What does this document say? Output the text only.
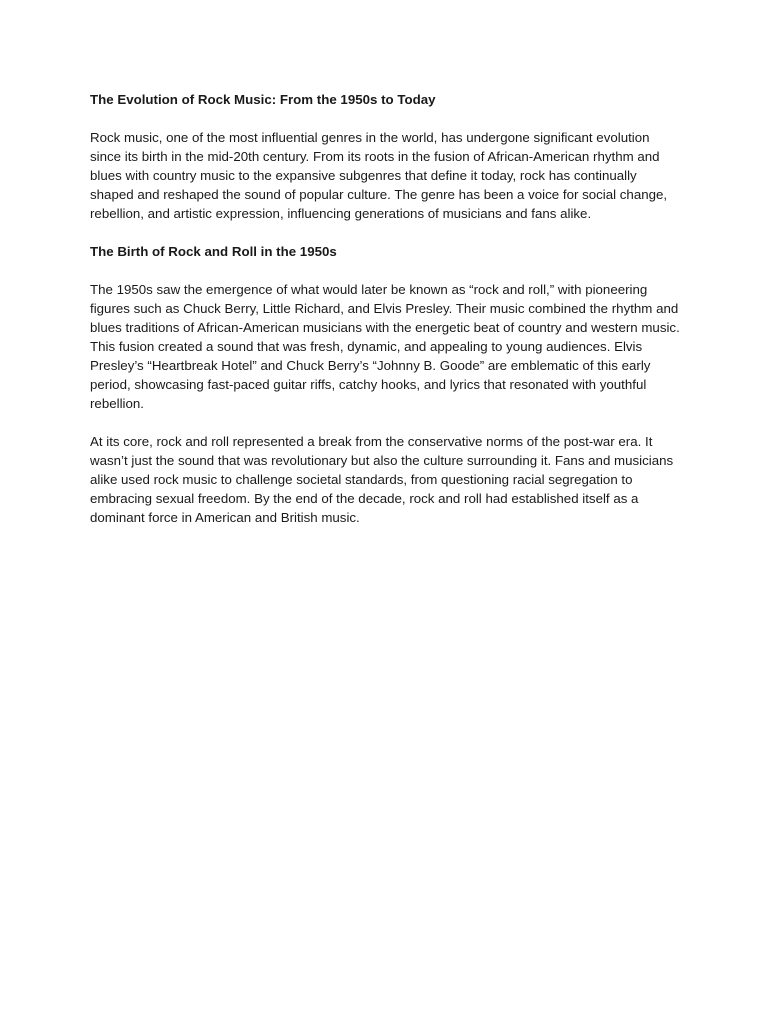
The Evolution of Rock Music: From the 1950s to Today

Rock music, one of the most influential genres in the world, has undergone significant evolution since its birth in the mid-20th century. From its roots in the fusion of African-American rhythm and blues with country music to the expansive subgenres that define it today, rock has continually shaped and reshaped the sound of popular culture. The genre has been a voice for social change, rebellion, and artistic expression, influencing generations of musicians and fans alike.

The Birth of Rock and Roll in the 1950s

The 1950s saw the emergence of what would later be known as “rock and roll,” with pioneering figures such as Chuck Berry, Little Richard, and Elvis Presley. Their music combined the rhythm and blues traditions of African-American musicians with the energetic beat of country and western music. This fusion created a sound that was fresh, dynamic, and appealing to young audiences. Elvis Presley’s “Heartbreak Hotel” and Chuck Berry’s “Johnny B. Goode” are emblematic of this early period, showcasing fast-paced guitar riffs, catchy hooks, and lyrics that resonated with youthful rebellion.

At its core, rock and roll represented a break from the conservative norms of the post-war era. It wasn’t just the sound that was revolutionary but also the culture surrounding it. Fans and musicians alike used rock music to challenge societal standards, from questioning racial segregation to embracing sexual freedom. By the end of the decade, rock and roll had established itself as a dominant force in American and British music.
